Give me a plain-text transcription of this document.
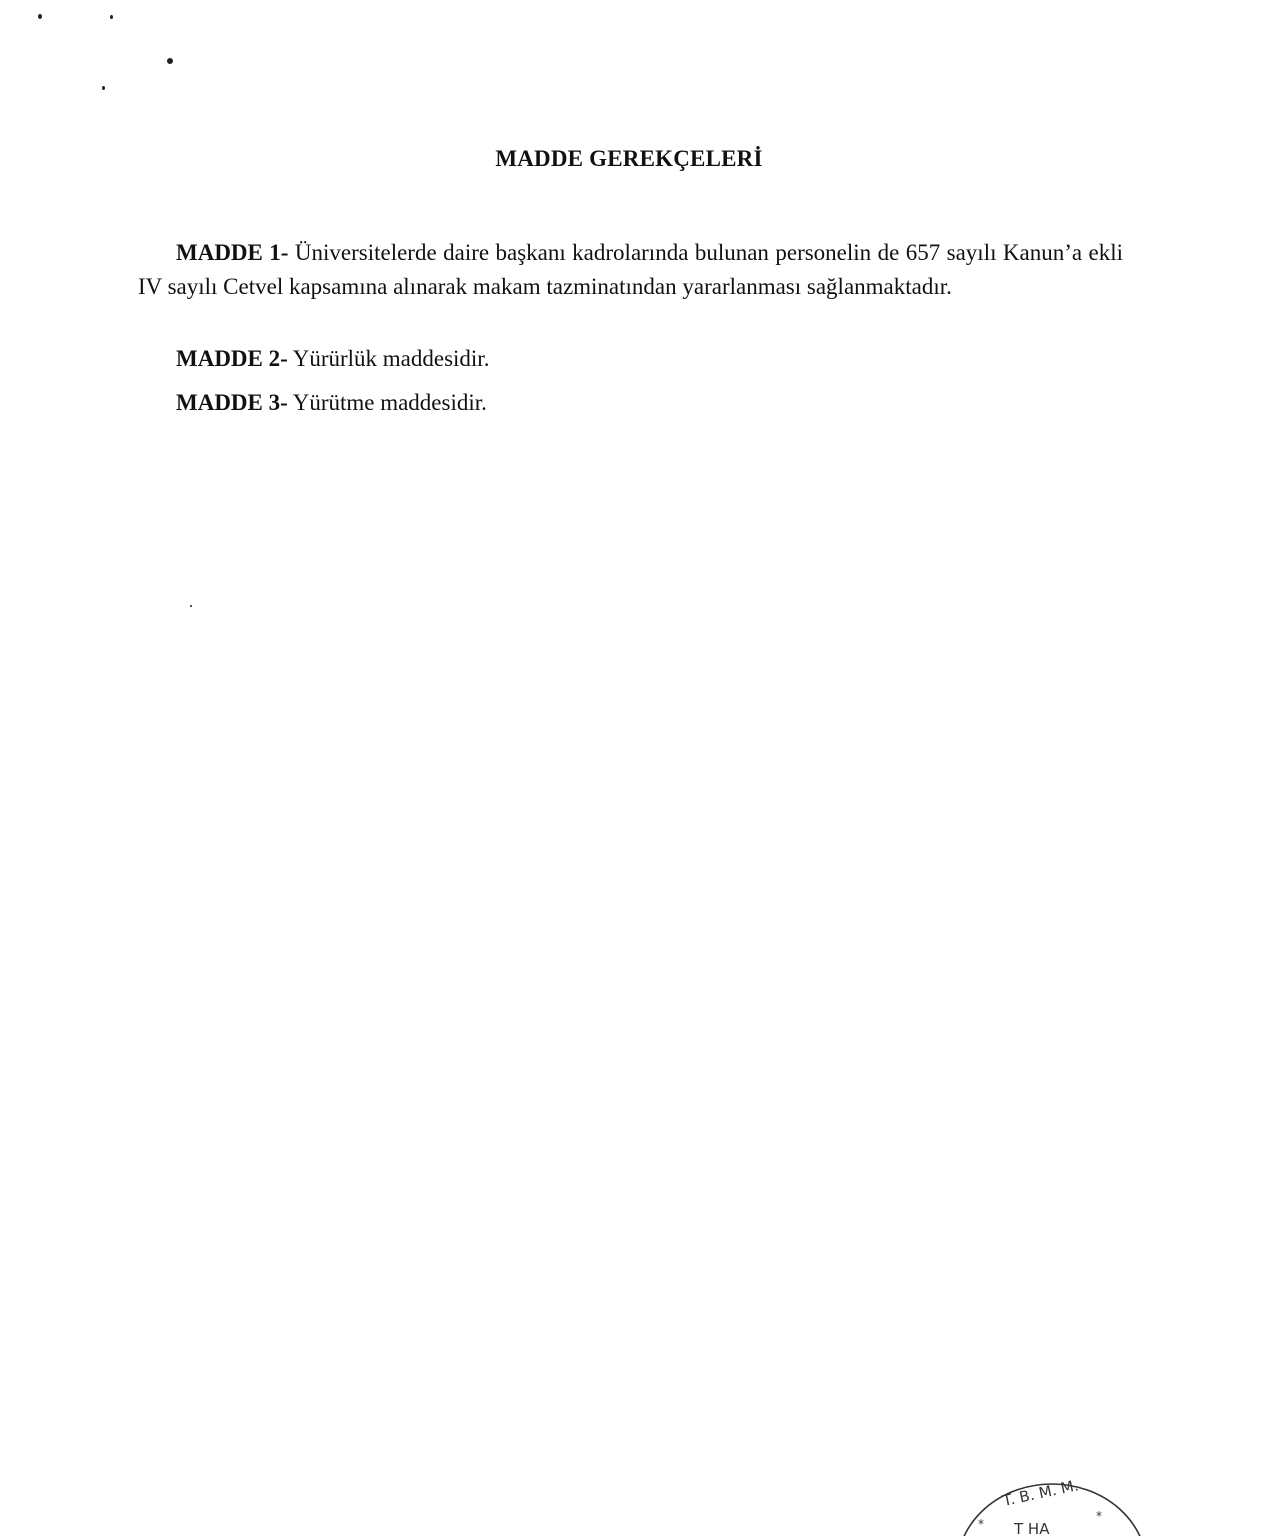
MADDE GEREKÇELERİ

MADDE 1- Üniversitelerde daire başkanı kadrolarında bulunan personelin de 657 sayılı Kanun’a ekli IV sayılı Cetvel kapsamına alınarak makam tazminatından yararlanması sağlanmaktadır.

MADDE 2- Yürürlük maddesidir.

MADDE 3- Yürütme maddesidir.

T. B. M. M.
*
*
T HA
